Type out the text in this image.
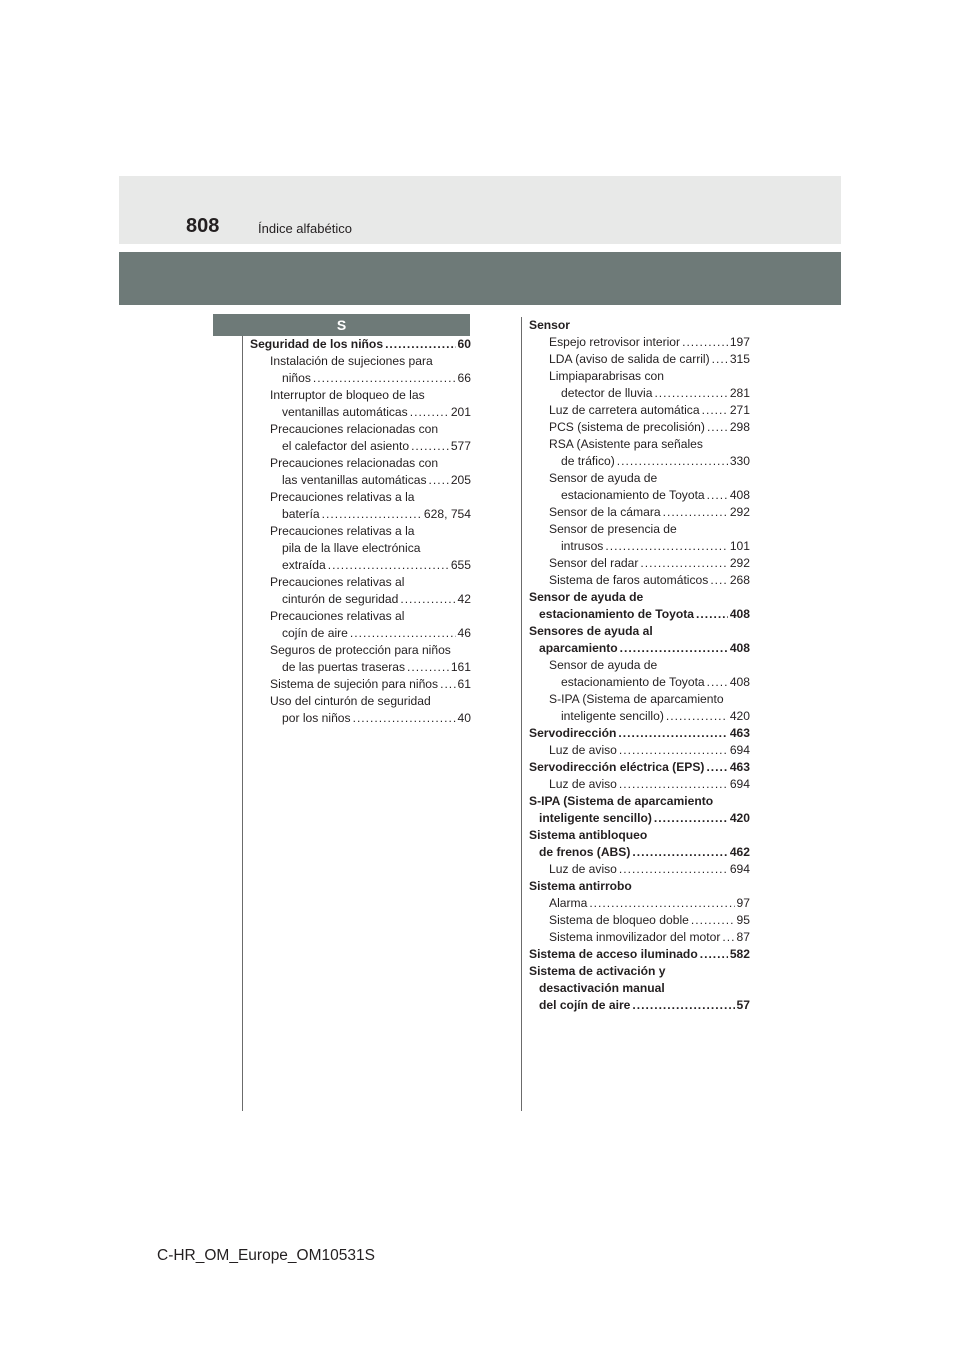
808	Índice alfabético
S
Seguridad de los niños .....	60
Instalación de sujeciones para
niños .....	66
Interruptor de bloqueo de las
ventanillas automáticas .....	201
Precauciones relacionadas con
el calefactor del asiento .....	577
Precauciones relacionadas con
las ventanillas automáticas ..... 205
Precauciones relativas a la
batería .....	628, 754
Precauciones relativas a la
pila de la llave electrónica
extraída .....	655
Precauciones relativas al
cinturón de seguridad .....	42
Precauciones relativas al
cojín de aire .....	46
Seguros de protección para niños
de las puertas traseras .....	161
Sistema de sujeción para niños ..... 61
Uso del cinturón de seguridad
por los niños .....	40
Sensor
Espejo retrovisor interior .....	197
LDA (aviso de salida de carril) ..... 315
Limpiaparabrisas con
detector de lluvia .....	281
Luz de carretera automática ..... 271
PCS (sistema de precolisión) ..... 298
RSA (Asistente para señales
de tráfico) .....	330
Sensor de ayuda de
estacionamiento de Toyota ..... 408
Sensor de la cámara .....	292
Sensor de presencia de
intrusos .....	101
Sensor del radar .....	292
Sistema de faros automáticos ..... 268
Sensor de ayuda de
estacionamiento de Toyota .....	408
Sensores de ayuda al
aparcamiento .....	408
Sensor de ayuda de
estacionamiento de Toyota ..... 408
S-IPA (Sistema de aparcamiento
inteligente sencillo) .....	420
Servodirección .....	463
Luz de aviso .....	694
Servodirección eléctrica (EPS) ..... 463
Luz de aviso .....	694
S-IPA (Sistema de aparcamiento
inteligente sencillo) .....	420
Sistema antibloqueo
de frenos (ABS) .....	462
Luz de aviso .....	694
Sistema antirrobo
Alarma .....	97
Sistema de bloqueo doble .....	95
Sistema inmovilizador del motor ..... 87
Sistema de acceso iluminado .....	582
Sistema de activación y
desactivación manual
del cojín de aire .....	57
C-HR_OM_Europe_OM10531S
